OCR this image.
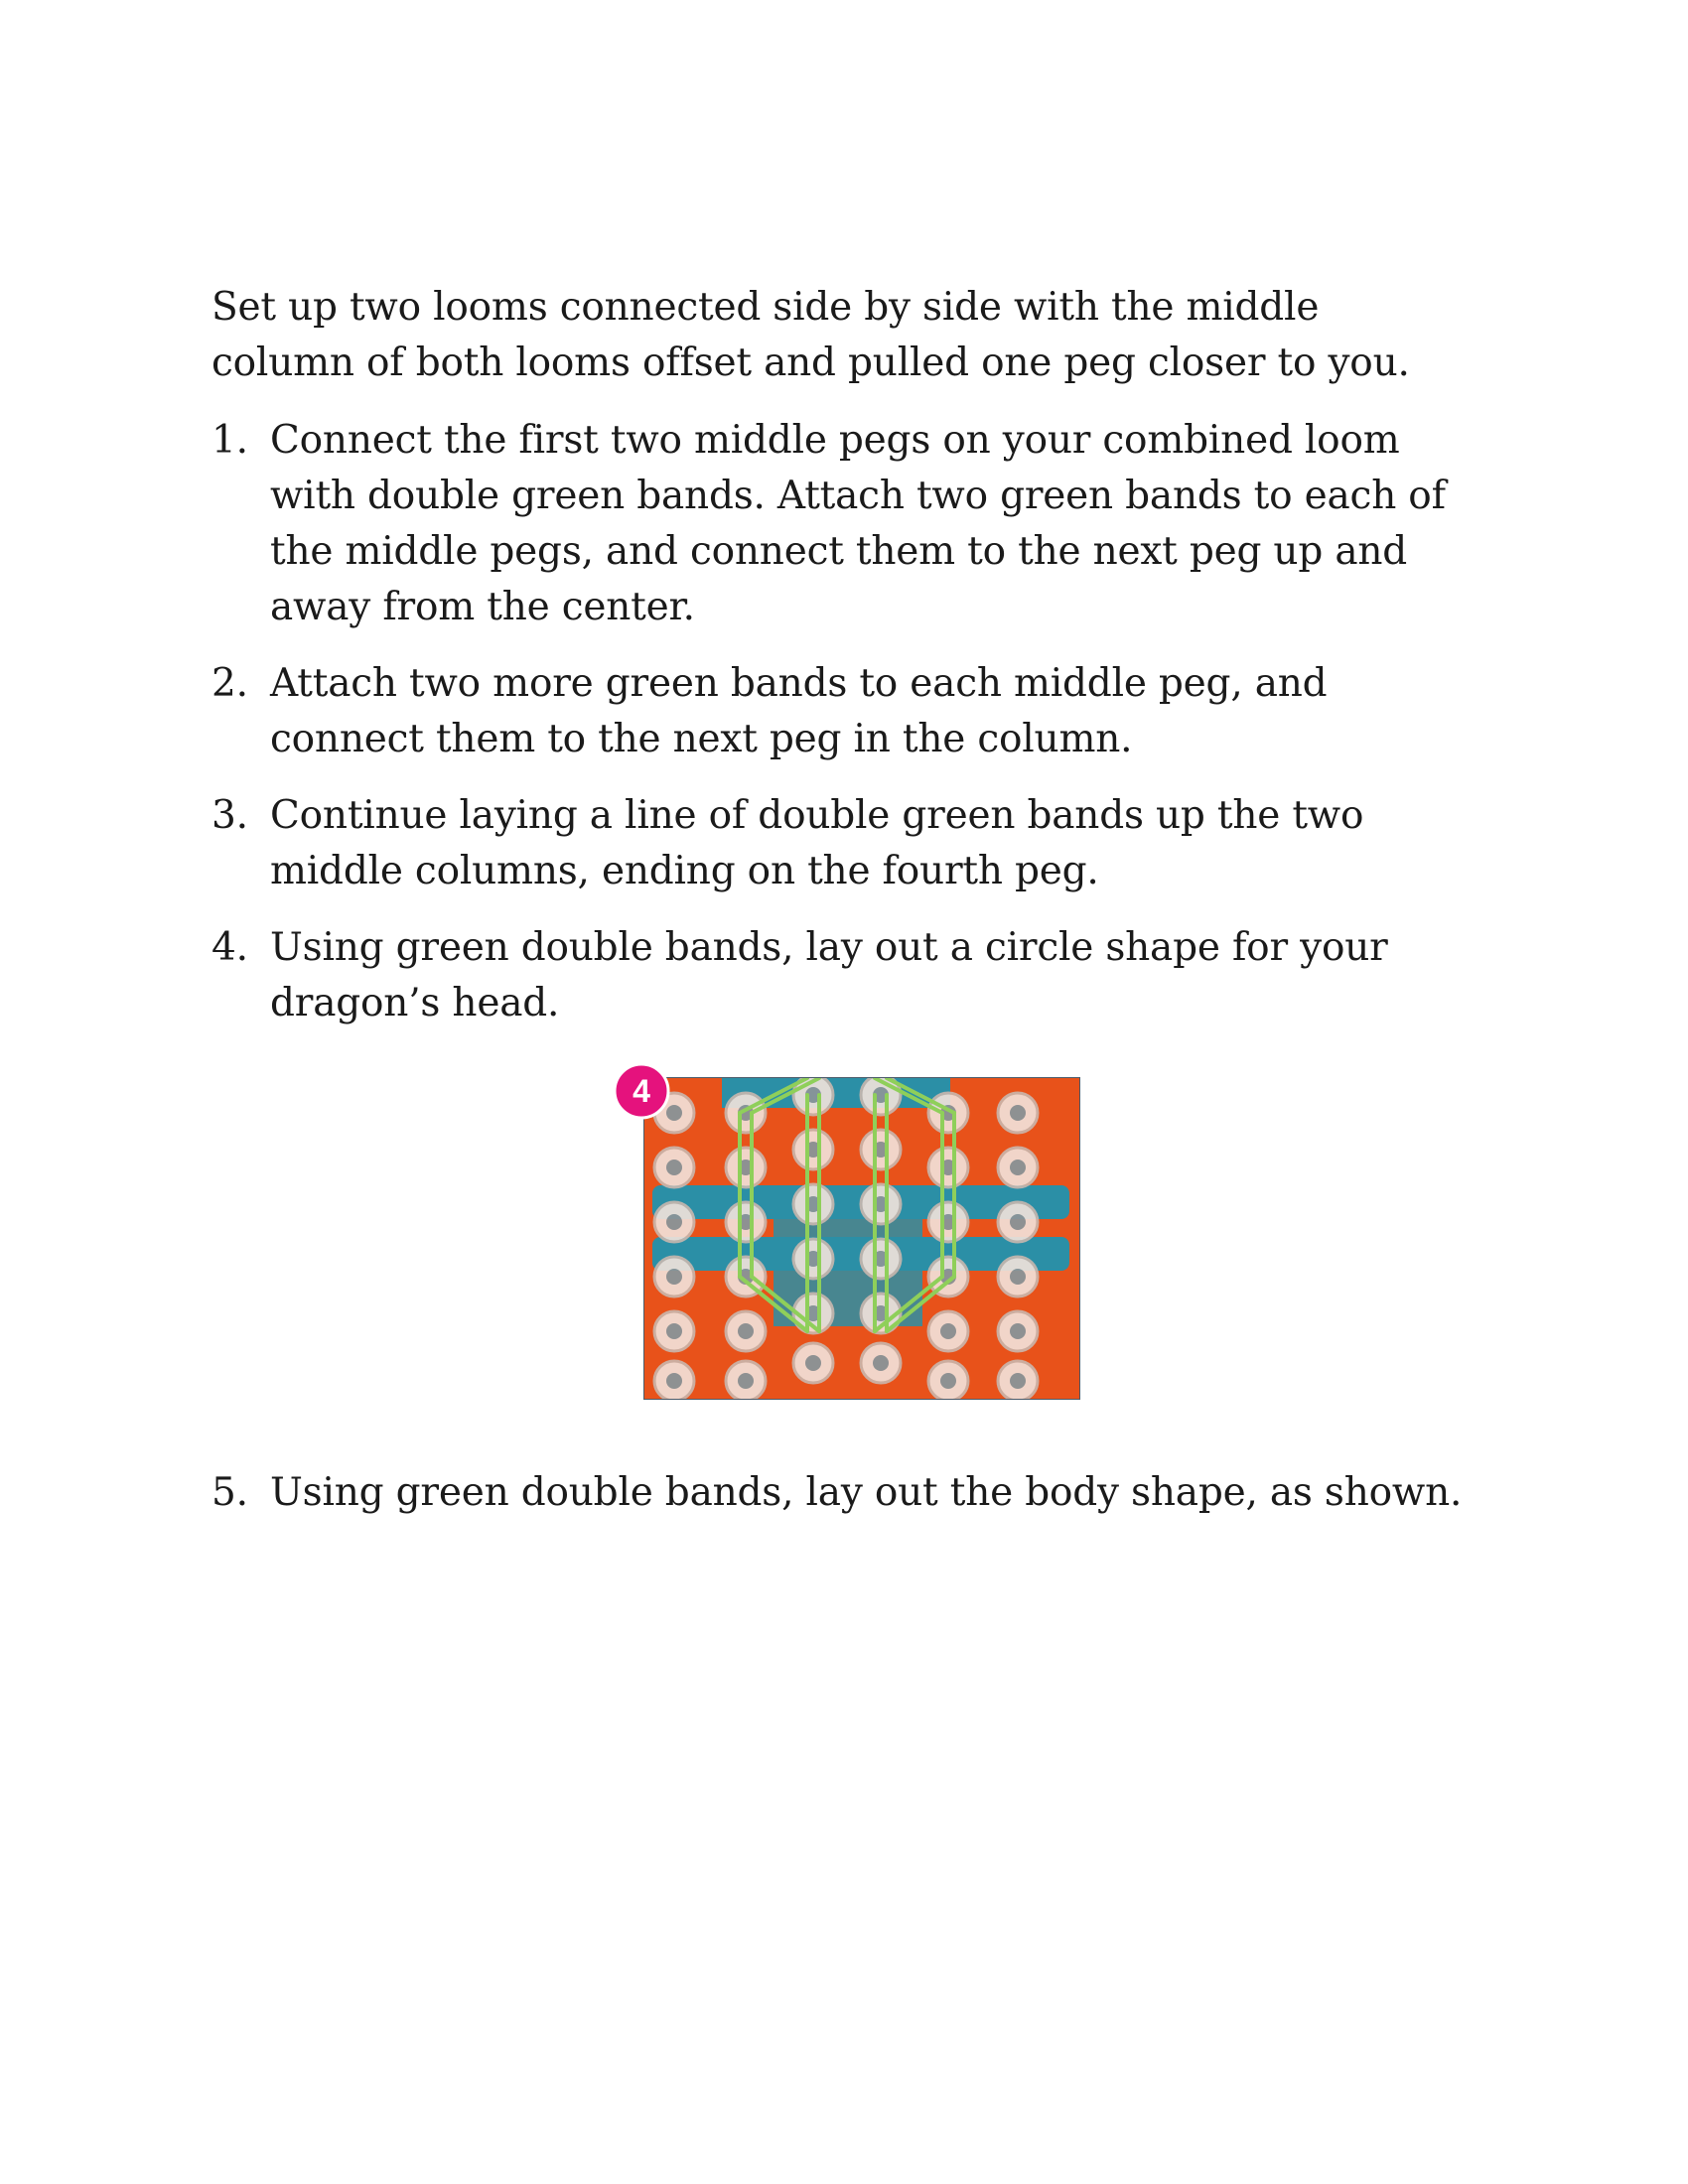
Set up two looms connected side by side with the middle column of both looms offset and pulled one peg closer to you.

1. Connect the first two middle pegs on your combined loom with double green bands. Attach two green bands to each of the middle pegs, and connect them to the next peg up and away from the center.
2. Attach two more green bands to each middle peg, and connect them to the next peg in the column.
3. Continue laying a line of double green bands up the two middle columns, ending on the fourth peg.
4. Using green double bands, lay out a circle shape for your dragon’s head.
4
5. Using green double bands, lay out the body shape, as shown.
